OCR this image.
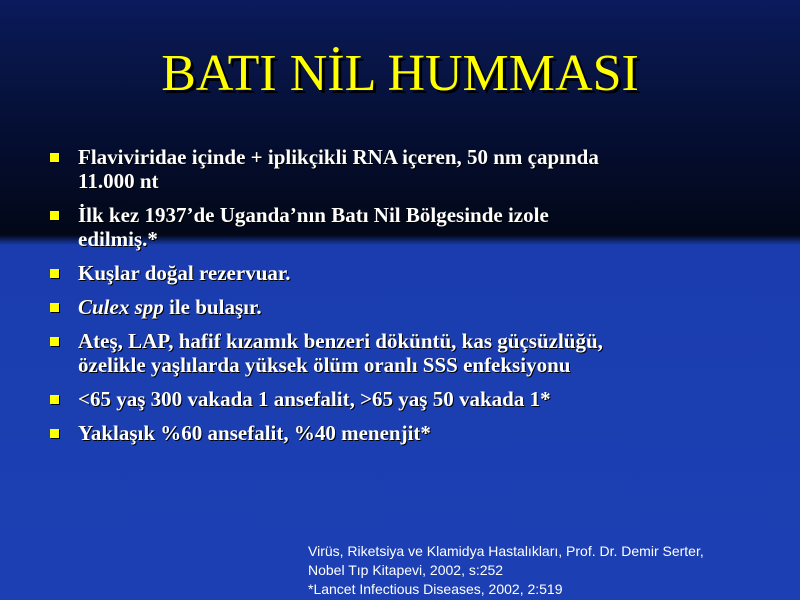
BATI NİL HUMMASI
Flaviviridae içinde + iplikçikli RNA içeren, 50 nm çapında
11.000 nt
İlk kez 1937’de Uganda’nın Batı Nil Bölgesinde izole
edilmiş.*
Kuşlar doğal rezervuar.
Culex spp ile bulaşır.
Ateş, LAP, hafif kızamık benzeri döküntü, kas güçsüzlüğü,
özelikle yaşlılarda yüksek ölüm oranlı SSS enfeksiyonu
<65 yaş 300 vakada 1 ansefalit, >65 yaş 50 vakada 1*
Yaklaşık %60 ansefalit, %40 menenjit*
Virüs, Riketsiya ve Klamidya Hastalıkları, Prof. Dr. Demir Serter,
Nobel Tıp Kitapevi, 2002, s:252
*Lancet Infectious Diseases, 2002, 2:519
